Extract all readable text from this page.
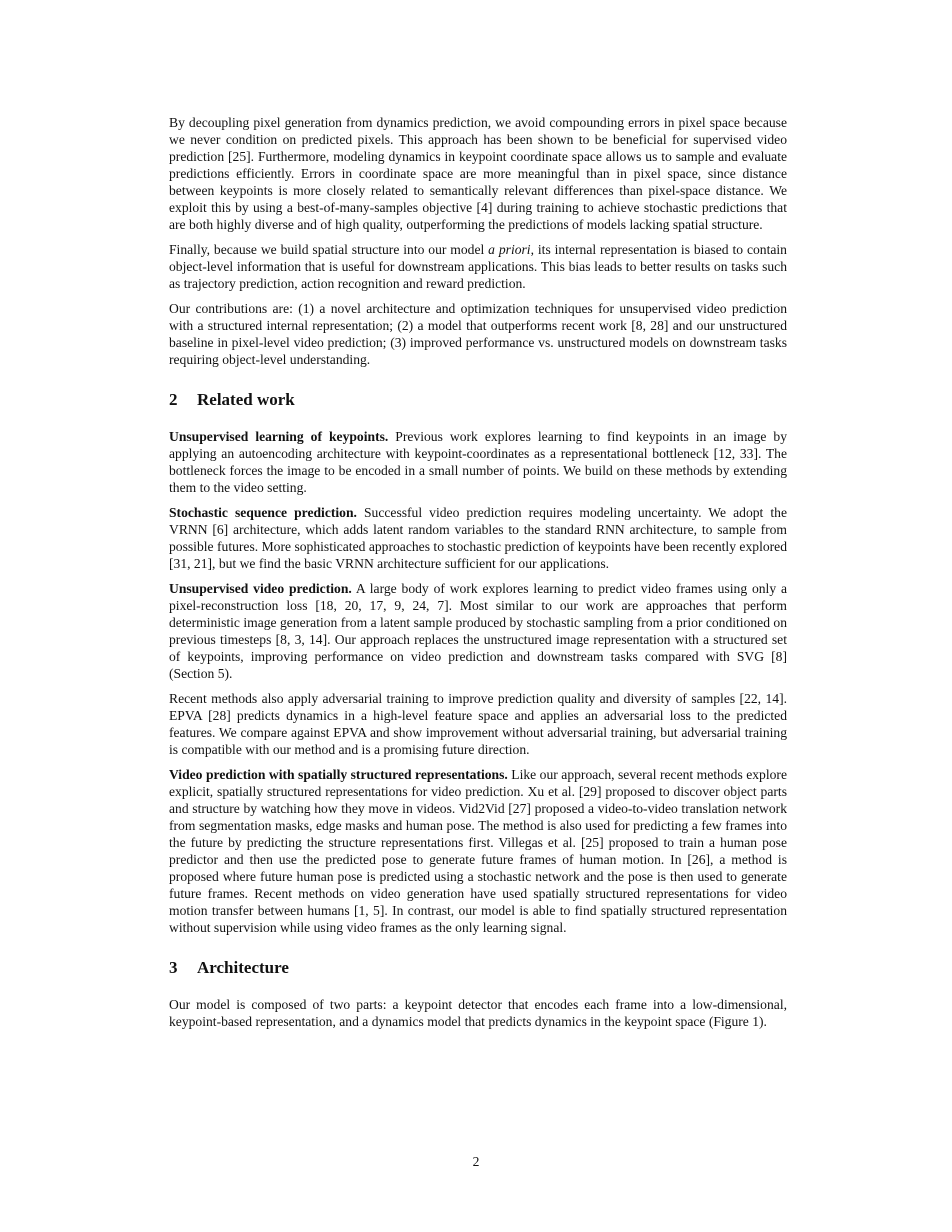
By decoupling pixel generation from dynamics prediction, we avoid compounding errors in pixel space because we never condition on predicted pixels. This approach has been shown to be beneficial for supervised video prediction [25]. Furthermore, modeling dynamics in keypoint coordinate space allows us to sample and evaluate predictions efficiently. Errors in coordinate space are more meaningful than in pixel space, since distance between keypoints is more closely related to semantically relevant differences than pixel-space distance. We exploit this by using a best-of-many-samples objective [4] during training to achieve stochastic predictions that are both highly diverse and of high quality, outperforming the predictions of models lacking spatial structure.

Finally, because we build spatial structure into our model a priori, its internal representation is biased to contain object-level information that is useful for downstream applications. This bias leads to better results on tasks such as trajectory prediction, action recognition and reward prediction.

Our contributions are: (1) a novel architecture and optimization techniques for unsupervised video prediction with a structured internal representation; (2) a model that outperforms recent work [8, 28] and our unstructured baseline in pixel-level video prediction; (3) improved performance vs. unstructured models on downstream tasks requiring object-level understanding.

2 Related work

Unsupervised learning of keypoints. Previous work explores learning to find keypoints in an image by applying an autoencoding architecture with keypoint-coordinates as a representational bottleneck [12, 33]. The bottleneck forces the image to be encoded in a small number of points. We build on these methods by extending them to the video setting.

Stochastic sequence prediction. Successful video prediction requires modeling uncertainty. We adopt the VRNN [6] architecture, which adds latent random variables to the standard RNN architecture, to sample from possible futures. More sophisticated approaches to stochastic prediction of keypoints have been recently explored [31, 21], but we find the basic VRNN architecture sufficient for our applications.

Unsupervised video prediction. A large body of work explores learning to predict video frames using only a pixel-reconstruction loss [18, 20, 17, 9, 24, 7]. Most similar to our work are approaches that perform deterministic image generation from a latent sample produced by stochastic sampling from a prior conditioned on previous timesteps [8, 3, 14]. Our approach replaces the unstructured image representation with a structured set of keypoints, improving performance on video prediction and downstream tasks compared with SVG [8] (Section 5).

Recent methods also apply adversarial training to improve prediction quality and diversity of samples [22, 14]. EPVA [28] predicts dynamics in a high-level feature space and applies an adversarial loss to the predicted features. We compare against EPVA and show improvement without adversarial training, but adversarial training is compatible with our method and is a promising future direction.

Video prediction with spatially structured representations. Like our approach, several recent methods explore explicit, spatially structured representations for video prediction. Xu et al. [29] proposed to discover object parts and structure by watching how they move in videos. Vid2Vid [27] proposed a video-to-video translation network from segmentation masks, edge masks and human pose. The method is also used for predicting a few frames into the future by predicting the structure representations first. Villegas et al. [25] proposed to train a human pose predictor and then use the predicted pose to generate future frames of human motion. In [26], a method is proposed where future human pose is predicted using a stochastic network and the pose is then used to generate future frames. Recent methods on video generation have used spatially structured representations for video motion transfer between humans [1, 5]. In contrast, our model is able to find spatially structured representation without supervision while using video frames as the only learning signal.

3 Architecture

Our model is composed of two parts: a keypoint detector that encodes each frame into a low-dimensional, keypoint-based representation, and a dynamics model that predicts dynamics in the keypoint space (Figure 1).

2
